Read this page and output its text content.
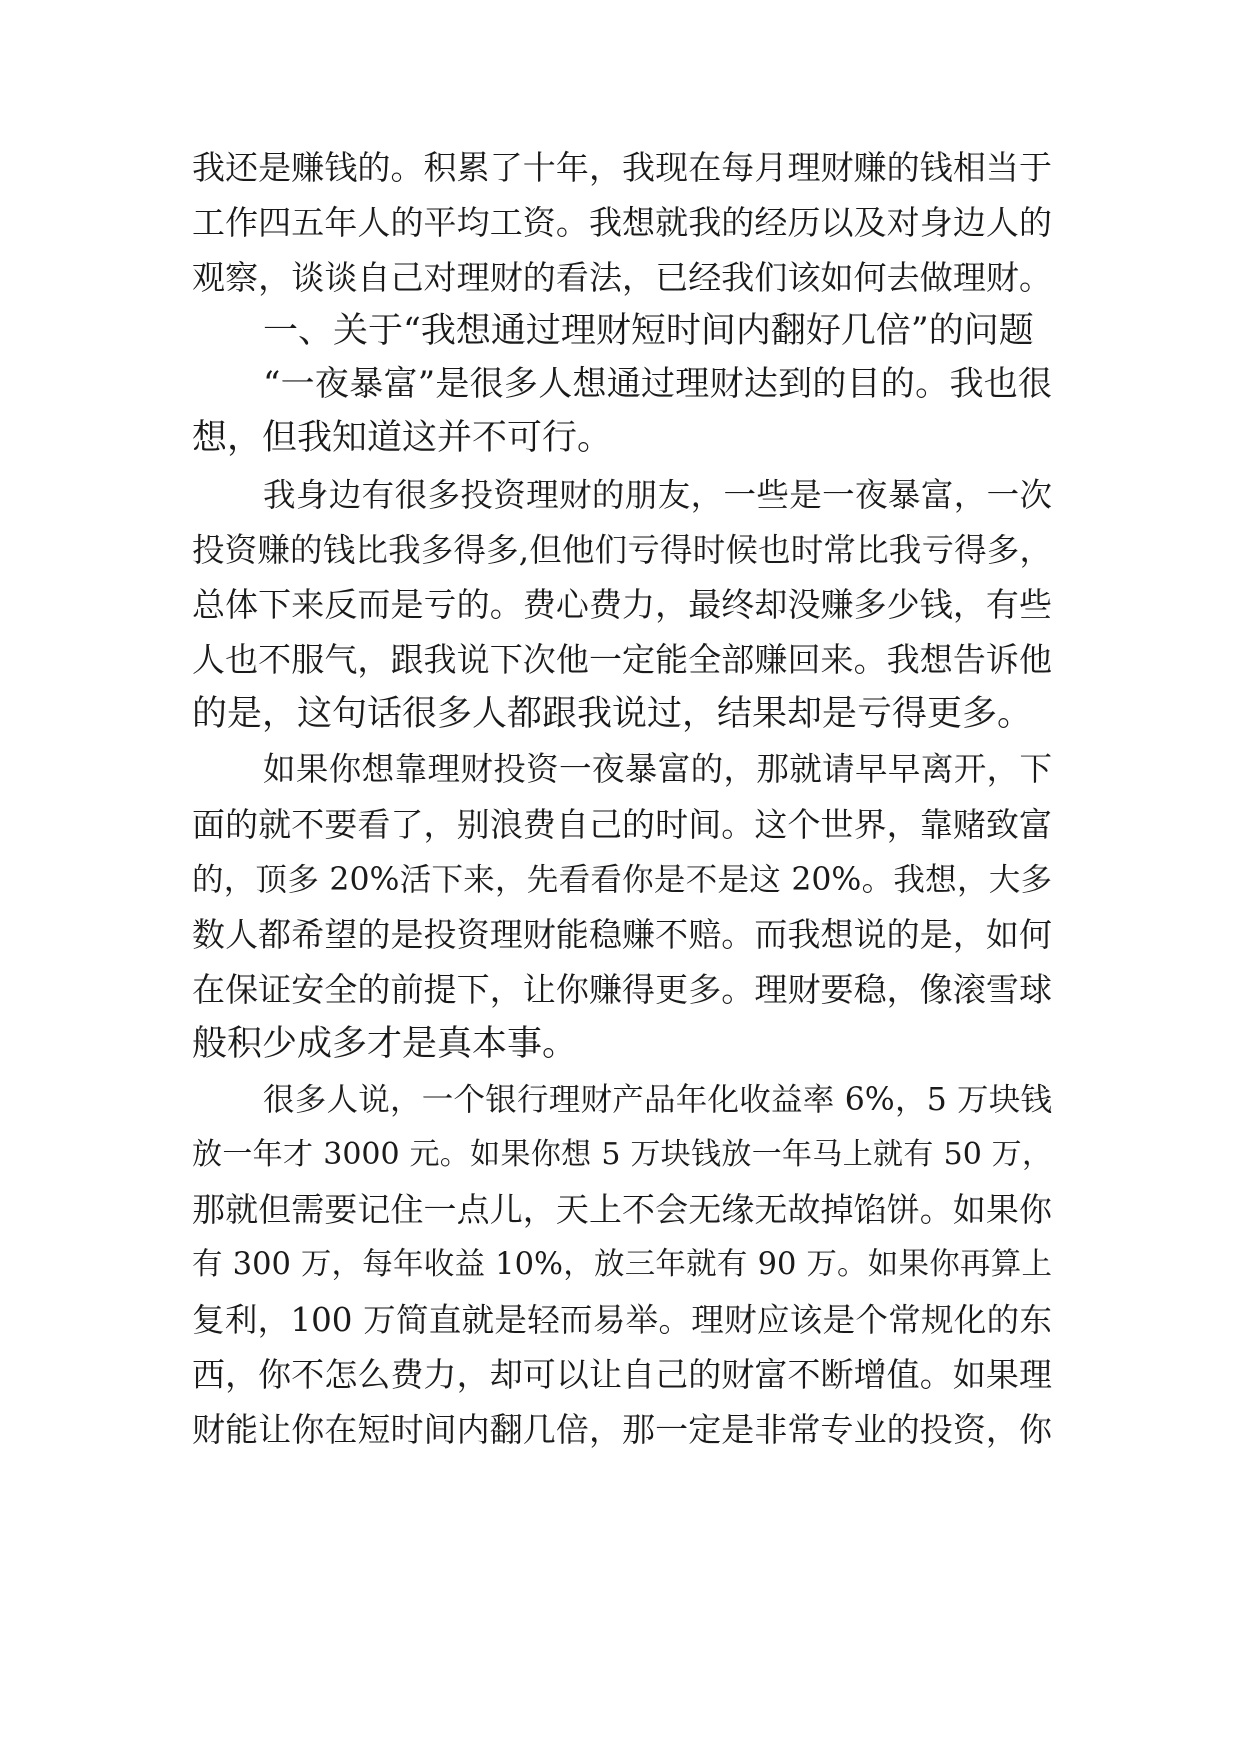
我还是赚钱的。积累了十年，我现在每月理财赚的钱相当于
工作四五年人的平均工资。我想就我的经历以及对身边人的
观察，谈谈自己对理财的看法，已经我们该如何去做理财。
一、关于“我想通过理财短时间内翻好几倍”的问题
“一夜暴富”是很多人想通过理财达到的目的。我也很
想，但我知道这并不可行。
我身边有很多投资理财的朋友，一些是一夜暴富，一次
投资赚的钱比我多得多,但他们亏得时候也时常比我亏得多，
总体下来反而是亏的。费心费力，最终却没赚多少钱，有些
人也不服气，跟我说下次他一定能全部赚回来。我想告诉他
的是，这句话很多人都跟我说过，结果却是亏得更多。
如果你想靠理财投资一夜暴富的，那就请早早离开，下
面的就不要看了，别浪费自己的时间。这个世界，靠赌致富
的，顶多 20%活下来，先看看你是不是这 20%。我想，大多
数人都希望的是投资理财能稳赚不赔。而我想说的是，如何
在保证安全的前提下，让你赚得更多。理财要稳，像滚雪球
般积少成多才是真本事。
很多人说，一个银行理财产品年化收益率 6%，5 万块钱
放一年才 3000 元。如果你想 5 万块钱放一年马上就有 50 万，
那就但需要记住一点儿，天上不会无缘无故掉馅饼。如果你
有 300 万，每年收益 10%，放三年就有 90 万。如果你再算上
复利，100 万简直就是轻而易举。理财应该是个常规化的东
西，你不怎么费力，却可以让自己的财富不断增值。如果理
财能让你在短时间内翻几倍，那一定是非常专业的投资，你
